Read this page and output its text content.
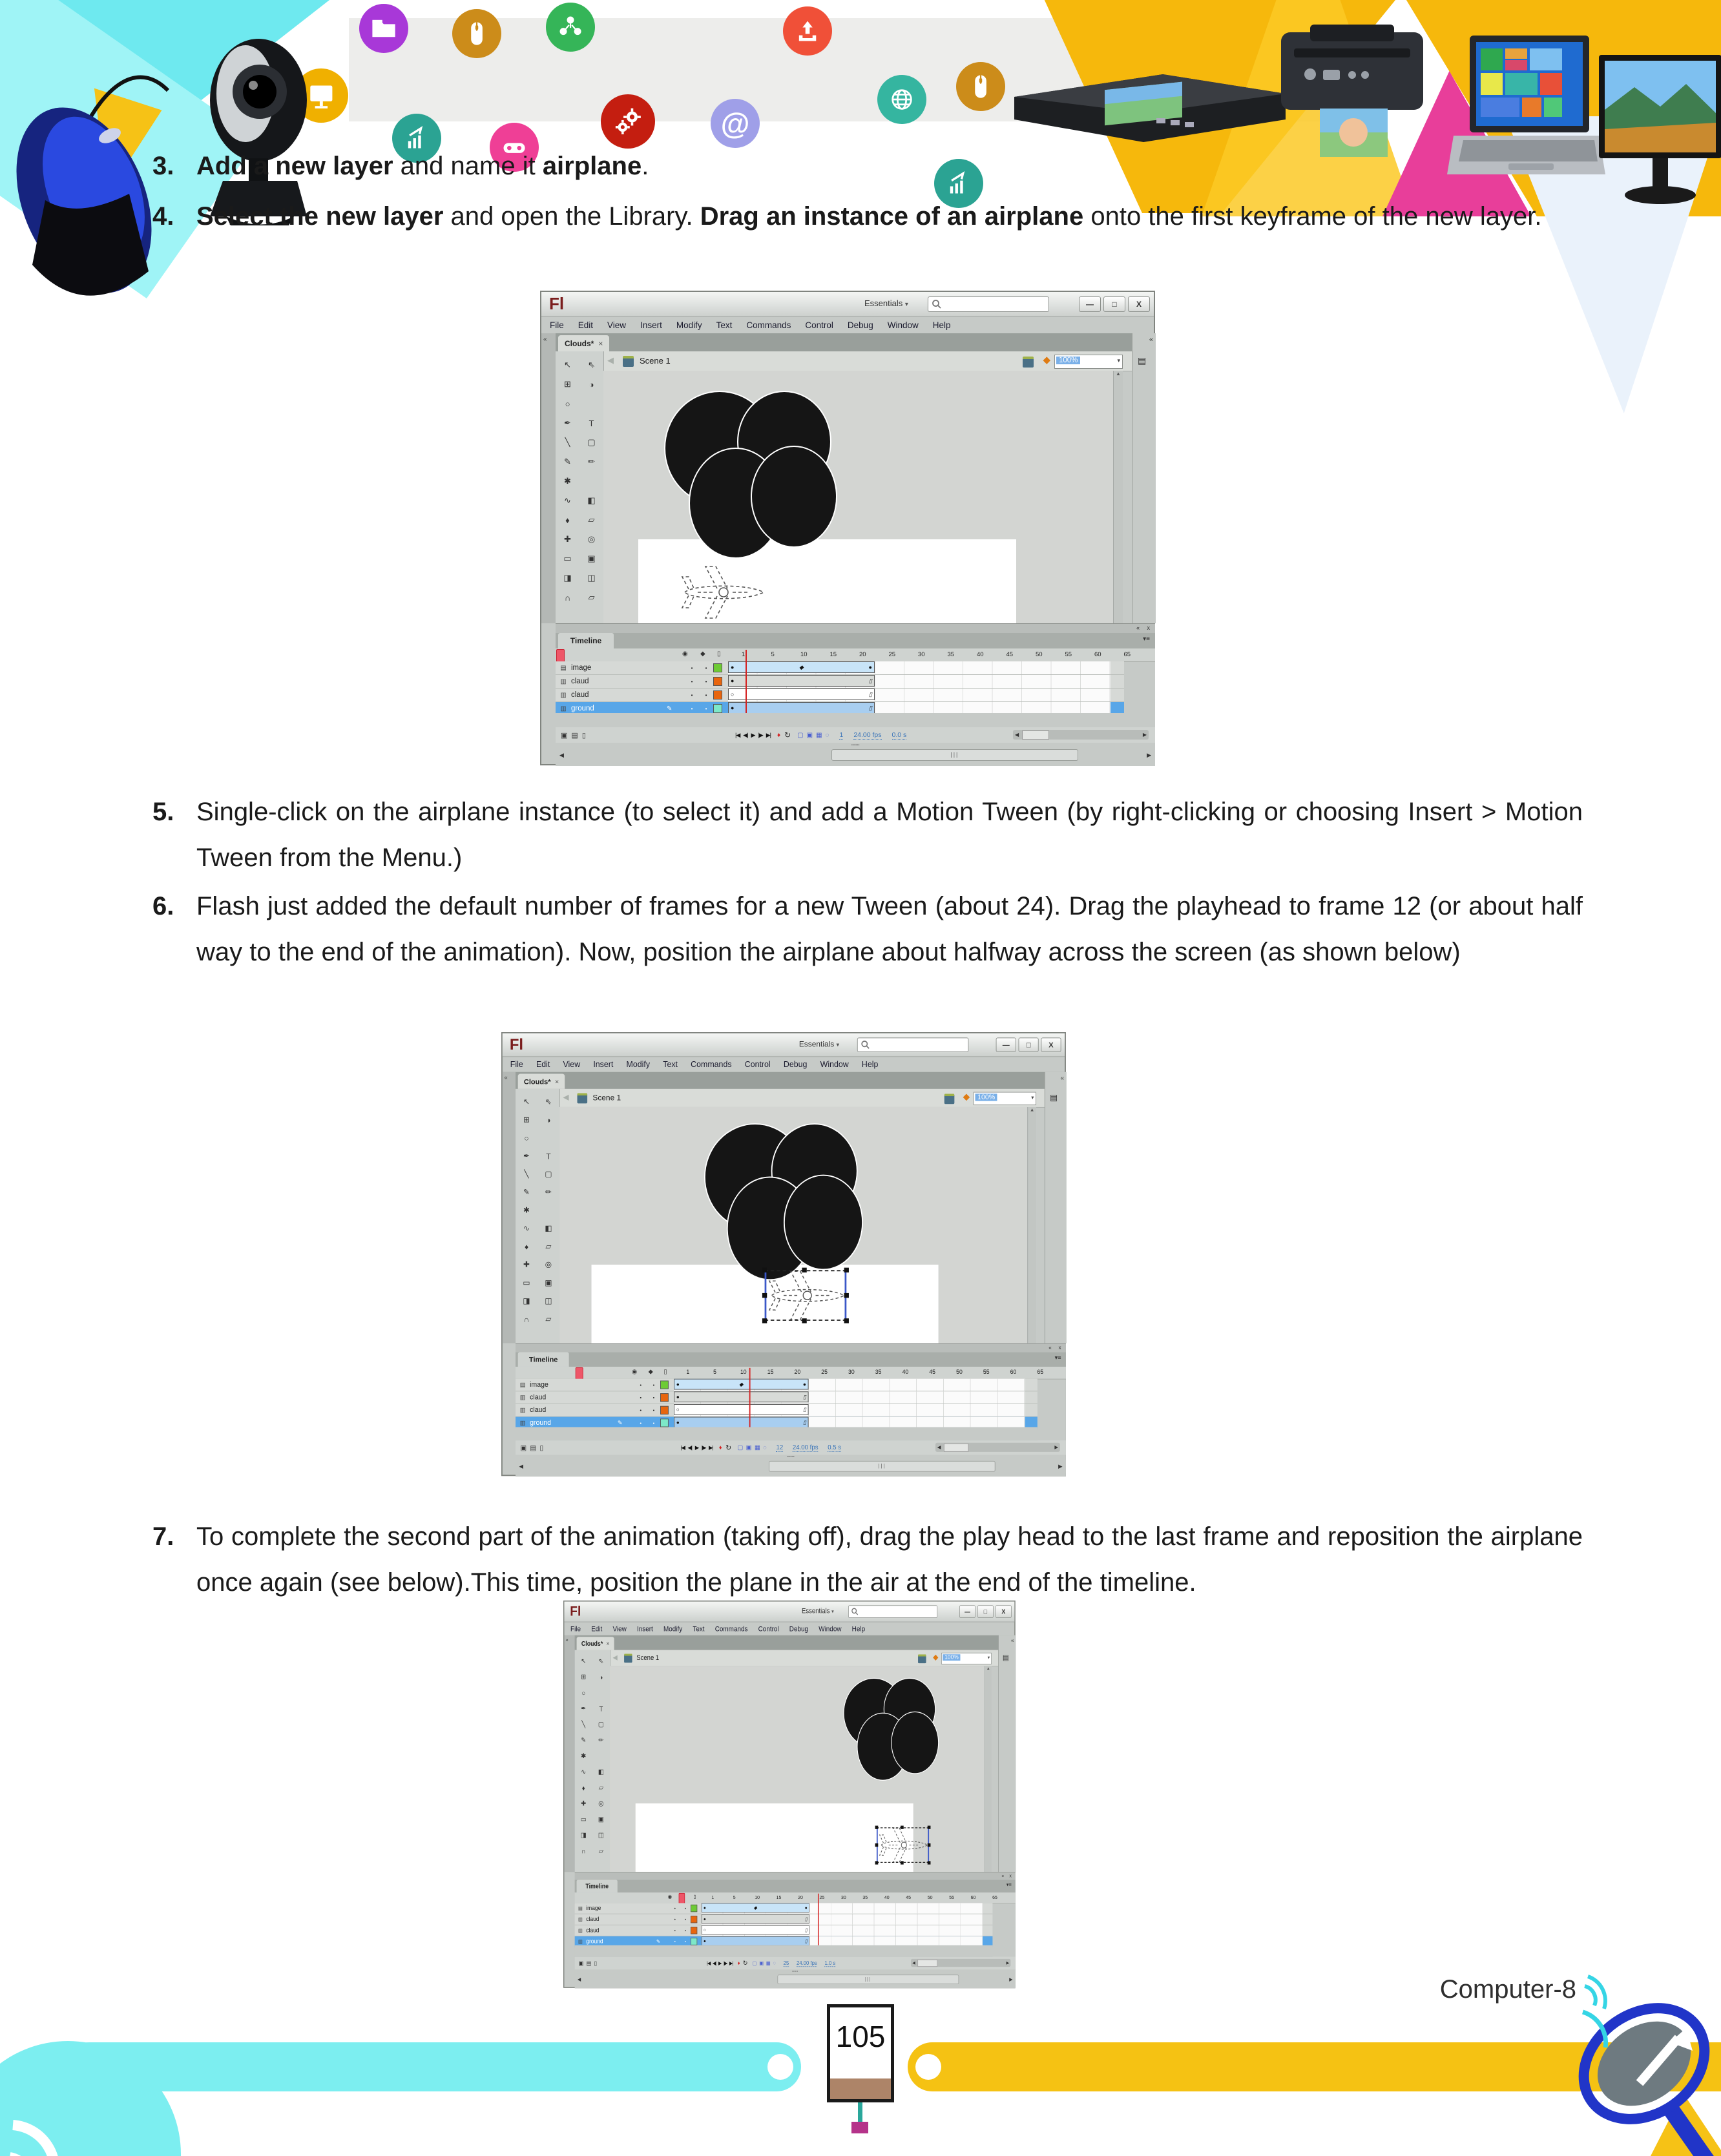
@
3. Add a new layer and name it airplane.
4. Select the new layer and open the Library. Drag an instance of an airplane onto the first keyframe of the new layer.
5. Single-click on the airplane instance (to select it) and add a Motion Tween (by right-clicking or choosing Insert > Motion Tween from the Menu.)
6. Flash just added the default number of frames for a new Tween (about 24). Drag the playhead to frame 12 (or about half way to the end of the animation). Now, position the airplane about halfway across the screen (as shown below)
7. To complete the second part of the animation (taking off), drag the play head to the last frame and reposition the airplane once again (see below).This time, position the plane in the air at the end of the timeline.
Fl	Essentials ▾	—	□	X
File	Edit	View	Insert	Modify	Text	Commands	Control	Debug	Window	Help
Clouds* ×
«
◀	Scene 1	◆	100%	▾
↖	⇖
⊞	◑
○
✒	T
╲	▢
✎	✏
✱
∿	◧
♦	▱
✚	◎
▭	▣
◨	◫
∩	▱
▲
«
▤
« x
Timeline	▾≡
◉ ◆ ▯	1	5	10	15	20	25	30	35	40	45	50	55	60	65
▤ image	•	•	●	◆	●
▥ claud	•	•	●	▯
▥ claud	•	•	○	▯
▥ ground	✎	•	•	●	▯
▣ ▤ ▯	|◀ ◀| ▶ |▶ ▶| ♦ ↻ ▢ ▣ ▦ ◌ 1 24.00 fps 0.0 s	◀	▶
▪▪▪▪▪▪
◀	|||	▶
Fl	Essentials ▾	—	□	X
File	Edit	View	Insert	Modify	Text	Commands	Control	Debug	Window	Help
Clouds* ×
«
◀	Scene 1	◆	100%	▾
↖	⇖
⊞	◑
○
✒	T
╲	▢
✎	✏
✱
∿	◧
♦	▱
✚	◎
▭	▣
◨	◫
∩	▱
▲
«
▤
« x
Timeline	▾≡
◉ ◆ ▯	1	5	10	15	20	25	30	35	40	45	50	55	60	65
▤ image	•	•	●	◆	●
▥ claud	•	•	●	▯
▥ claud	•	•	○	▯
▥ ground	✎	•	•	●	▯
▣ ▤ ▯	|◀ ◀| ▶ |▶ ▶| ♦ ↻ ▢ ▣ ▦ ◌ 12 24.00 fps 0.5 s	◀	▶
▪▪▪▪▪▪
◀	|||	▶
Fl	Essentials ▾	—	□	X
File	Edit	View	Insert	Modify	Text	Commands	Control	Debug	Window	Help
Clouds* ×
«
◀ Scene 1	◆ 100%	▾
↖	⇖
⊞	◑
○
✒	T
╲	▢
✎	✏
✱
∿	◧
♦	▱
✚	◎
▭	▣
◨	◫
∩	▱
▲
«
▤
« x
Timeline	▾≡
◉	▯	1	5	10	15	20	25	30	35	40	45	50	55	60	65
▤ image	•	•	●	◆	●
▥ claud	•	•	●	▯
▥ claud	•	•	○	▯
▥ ground	✎	•	•	●	▯
▣ ▤ ▯	|◀ ◀| ▶ |▶ ▶| ♦ ↻ ▢ ▣ ▦ ◌ 25 24.00 fps 1.0 s	◀	▶
▪▪▪▪▪▪
◀	|||	▶
105
Computer-8
